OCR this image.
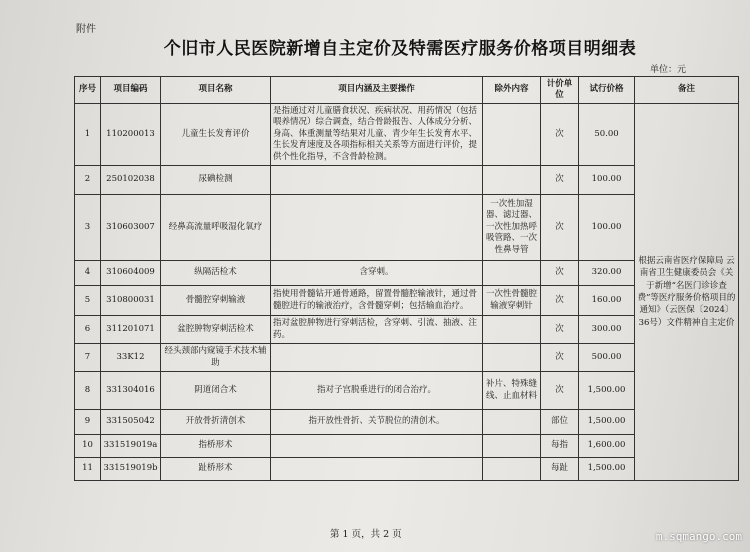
附件
个旧市人民医院新增自主定价及特需医疗服务价格项目明细表
单位：元
序号	项目编码	项目名称	项目内涵及主要操作	除外内容	计价单位	试行价格	备注
1	110200013	儿童生长发育评价	是指通过对儿童膳食状况、疾病状况、用药情况（包括喂养情况）综合调查，结合骨龄报告、人体成分分析、身高、体重测量等结果对儿童、青少年生长发育水平、生长发育速度及各项指标相关关系等方面进行评价，提供个性化指导，不含骨龄检测。		次	50.00	根据云南省医疗保障局 云南省卫生健康委员会《关于新增“名医门诊诊查费”等医疗服务价格项目的通知》（云医保〔2024〕36号）文件精神自主定价
2	250102038	尿碘检测			次	100.00	
3	310603007	经鼻高流量呼吸湿化氧疗		一次性加湿器、滤过器、一次性加热呼吸管路、一次性鼻导管	次	100.00	
4	310604009	纵隔活检术	含穿刺。		次	320.00	
5	310800031	骨髓腔穿刺输液	指使用骨髓钻开通骨通路，留置骨髓腔输液针，通过骨髓腔进行的输液治疗，含骨髓穿刺；包括输血治疗。	一次性骨髓腔输液穿刺针	次	160.00	
6	311201071	盆腔肿物穿刺活检术	指对盆腔肿物进行穿刺活检，含穿刺、引流、抽液、注药。		次	300.00	
7	33K12	经头颈部内窥镜手术技术辅助			次	500.00	
8	331304016	阴道闭合术	指对子宫脱垂进行的闭合治疗。	补片、特殊缝线、止血材料	次	1,500.00	
9	331505042	开放骨折清创术	指开放性骨折、关节脱位的清创术。		部位	1,500.00	
10	331519019a	指桥形术			每指	1,600.00	
11	331519019b	趾桥形术			每趾	1,500.00	
第 1 页，共 2 页	m.sqmango.com
